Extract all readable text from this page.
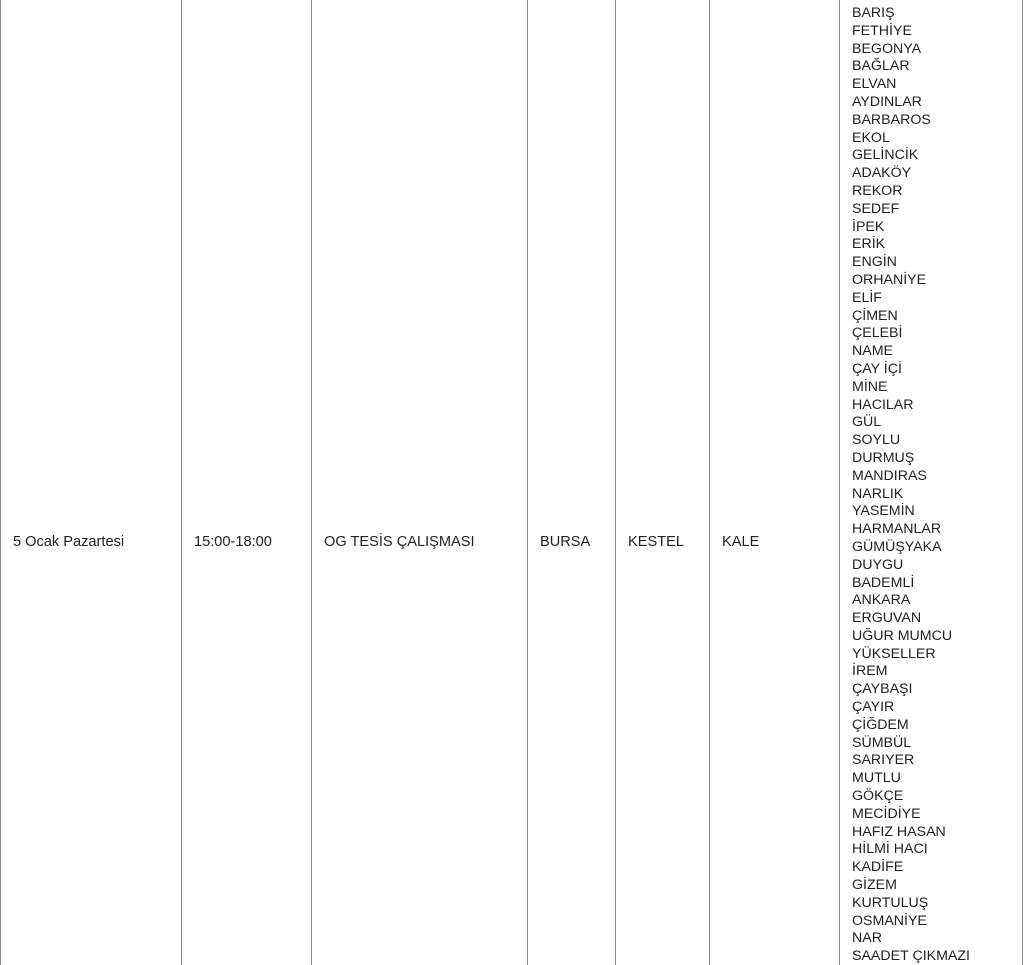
5 Ocak Pazartesi	15:00-18:00	OG TESİS ÇALIŞMASI	BURSA	KESTEL	KALE	
BARIŞ
FETHİYE
BEGONYA
BAĞLAR
ELVAN
AYDINLAR
BARBAROS
EKOL
GELİNCİK
ADAKÖY
REKOR
SEDEF
İPEK
ERİK
ENGİN
ORHANİYE
ELİF
ÇİMEN
ÇELEBİ
NAME
ÇAY İÇİ
MİNE
HACILAR
GÜL
SOYLU
DURMUŞ
MANDIRAS
NARLIK
YASEMİN
HARMANLAR
GÜMÜŞYAKA
DUYGU
BADEMLİ
ANKARA
ERGUVAN
UĞUR MUMCU
YÜKSELLER
İREM
ÇAYBAŞI
ÇAYIR
ÇİĞDEM
SÜMBÜL
SARIYER
MUTLU
GÖKÇE
MECİDİYE
HAFIZ HASAN
HİLMİ HACI
KADİFE
GİZEM
KURTULUŞ
OSMANİYE
NAR
SAADET ÇIKMAZI
